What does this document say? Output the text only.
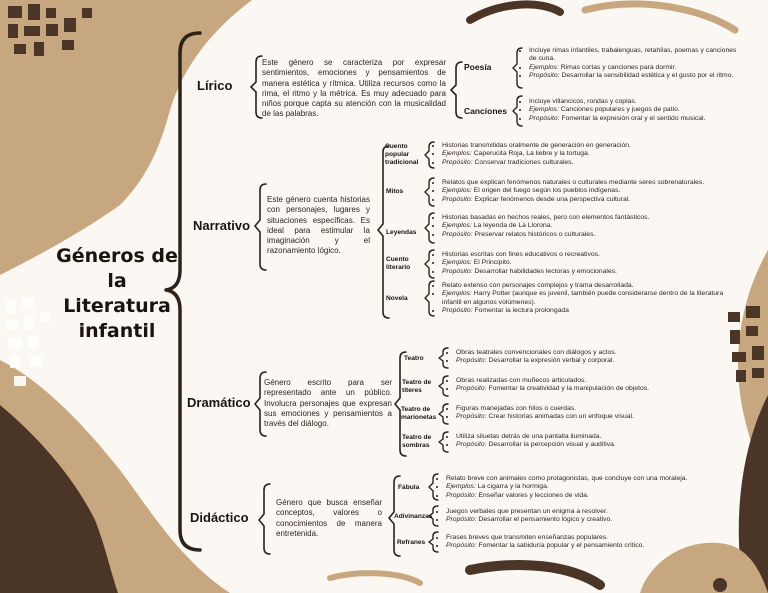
Géneros de
la
Literatura
infantil
Lírico
Este género se caracteriza por expresar sentimientos, emociones y pensamientos de manera estética y rítmica. Utiliza recursos como la rima, el ritmo y la métrica. Es muy adecuado para niños porque capta su atención con la musicalidad de las palabras.
Poesía
• Incluye rimas infantiles, trabalenguas, retahílas, poemas y canciones de cuna.
• Ejemplos: Rimas cortas y canciones para dormir.
• Propósito: Desarrollar la sensibilidad estética y el gusto por el ritmo.
Canciones
• Incluye villancicos, rondas y coplas.
• Ejemplos: Canciones populares y juegos de patio.
• Propósito: Fomentar la expresión oral y el sentido musical.
Narrativo
Este género cuenta historias con personajes, lugares y situaciones específicas. Es ideal para estimular la imaginación y el razonamiento lógico.
Cuento popular tradicional
• Historias transmitidas oralmente de generación en generación.
• Ejemplos: Caperucita Roja, La liebre y la tortuga.
• Propósito: Conservar tradiciones culturales.
Mitos
• Relatos que explican fenómenos naturales o culturales mediante seres sobrenaturales.
• Ejemplos: El origen del fuego según los pueblos indígenas.
• Propósito: Explicar fenómenos desde una perspectiva cultural.
Leyendas
• Historias basadas en hechos reales, pero con elementos fantásticos.
• Ejemplos: La leyenda de La Llorona.
• Propósito: Preservar relatos históricos o culturales.
Cuento literario
• Historias escritas con fines educativos o recreativos.
• Ejemplos: El Principito.
• Propósito: Desarrollar habilidades lectoras y emocionales.
Novela
• Relato extenso con personajes complejos y trama desarrollada.
• Ejemplos: Harry Potter (aunque es juvenil, también puede considerarse dentro de la literatura infantil en algunos volúmenes).
• Propósito: Fomentar la lectura prolongada
Dramático
Género escrito para ser representado ante un público. Involucra personajes que expresan sus emociones y pensamientos a través del diálogo.
Teatro
• Obras teatrales convencionales con diálogos y actos.
• Propósito: Desarrollar la expresión verbal y corporal.
Teatro de títeres
• Obras realizadas con muñecos articulados.
• Propósito: Fomentar la creatividad y la manipulación de objetos.
Teatro de marionetas
• Figuras manejadas con hilos o cuerdas.
• Propósito: Crear historias animadas con un enfoque visual.
Teatro de sombras
• Utiliza siluetas detrás de una pantalla iluminada.
• Propósito: Desarrollar la percepción visual y auditiva.
Didáctico
Género que busca enseñar conceptos, valores o conocimientos de manera entretenida.
Fábula
• Relato breve con animales como protagonistas, que concluye con una moraleja.
• Ejemplos: La cigarra y la hormiga.
• Propósito: Enseñar valores y lecciones de vida.
Adivinanzas
• Juegos verbales que presentan un enigma a resolver.
• Propósito: Desarrollar el pensamiento lógico y creativo.
Refranes
• Frases breves que transmiten enseñanzas populares.
• Propósito: Fomentar la sabiduría popular y el pensamiento crítico.
